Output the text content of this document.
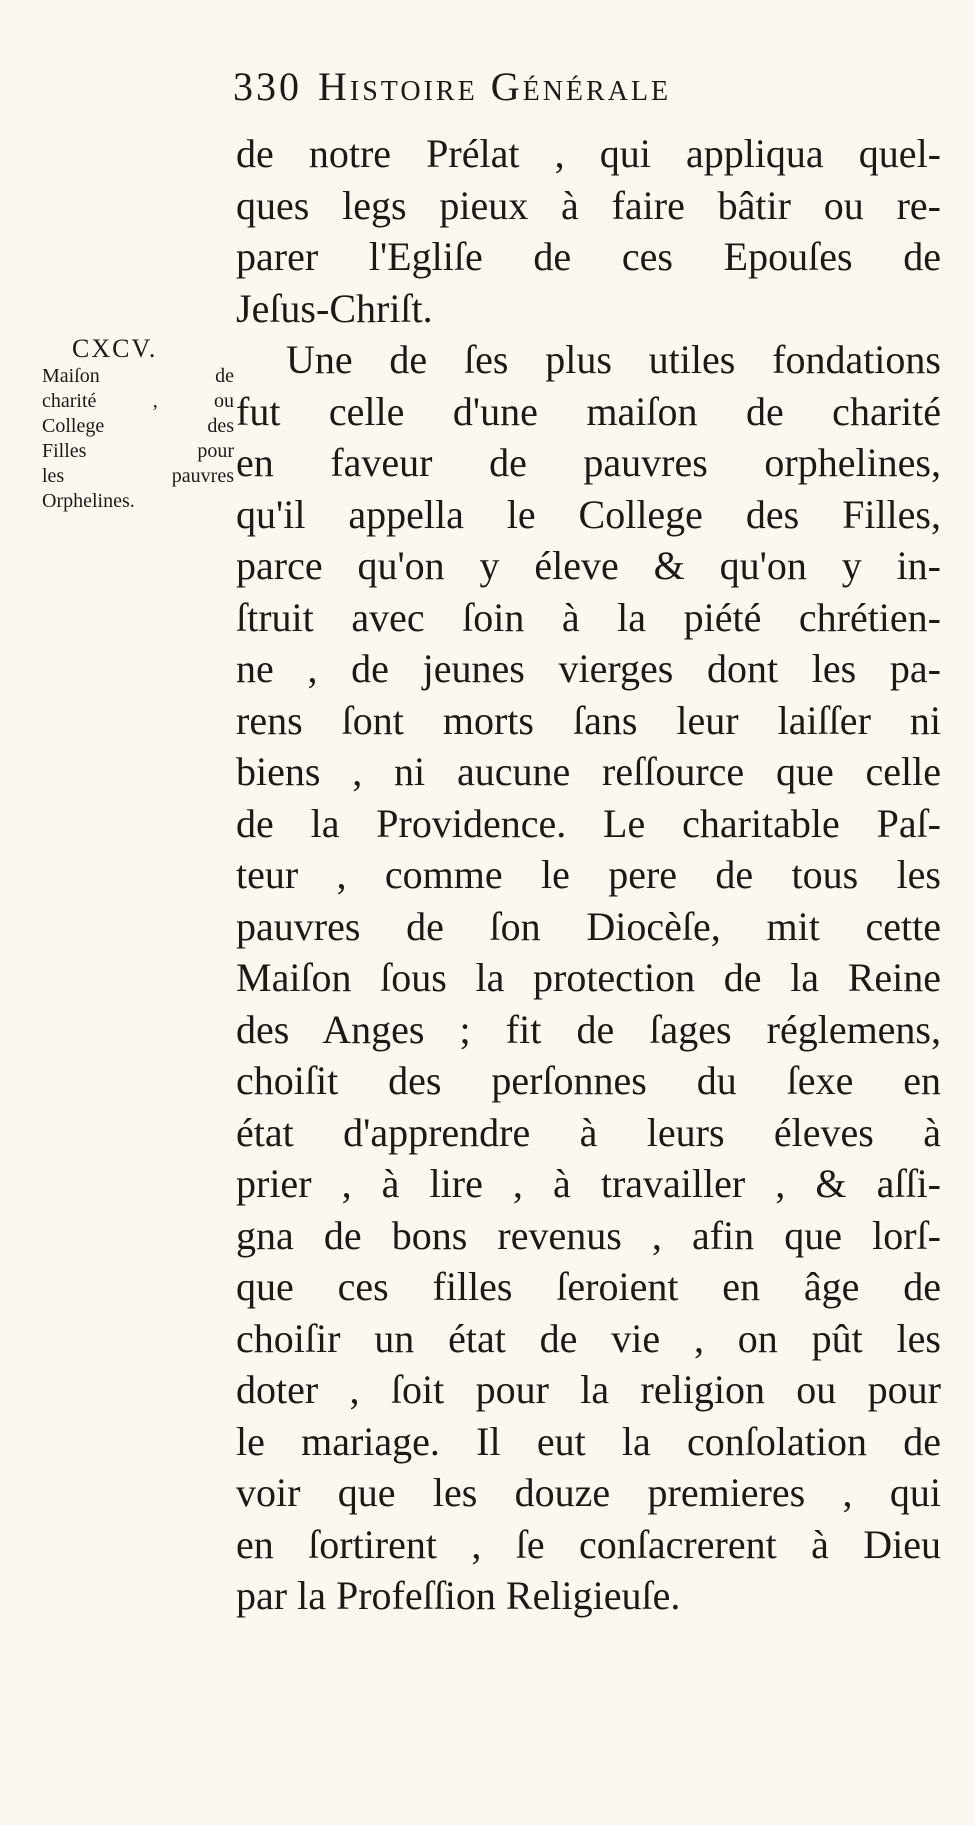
330 Histoire Générale
CXCV.
Maiſon de
charité , ou
College des
Filles pour
les pauvres
Orphelines.
de notre Prélat , qui appliqua quel-
ques legs pieux à faire bâtir ou re-
parer l'Egliſe de ces Epouſes de
Jeſus-Chriſt.
Une de ſes plus utiles fondations
fut celle d'une maiſon de charité
en faveur de pauvres orphelines,
qu'il appella le College des Filles,
parce qu'on y éleve & qu'on y in-
ſtruit avec ſoin à la piété chrétien-
ne , de jeunes vierges dont les pa-
rens ſont morts ſans leur laiſſer ni
biens , ni aucune reſſource que celle
de la Providence. Le charitable Paſ-
teur , comme le pere de tous les
pauvres de ſon Diocèſe, mit cette
Maiſon ſous la protection de la Reine
des Anges ; fit de ſages réglemens,
choiſit des perſonnes du ſexe en
état d'apprendre à leurs éleves à
prier , à lire , à travailler , & aſſi-
gna de bons revenus , afin que lorſ-
que ces filles ſeroient en âge de
choiſir un état de vie , on pût les
doter , ſoit pour la religion ou pour
le mariage. Il eut la conſolation de
voir que les douze premieres , qui
en ſortirent , ſe conſacrerent à Dieu
par la Profeſſion Religieuſe.
